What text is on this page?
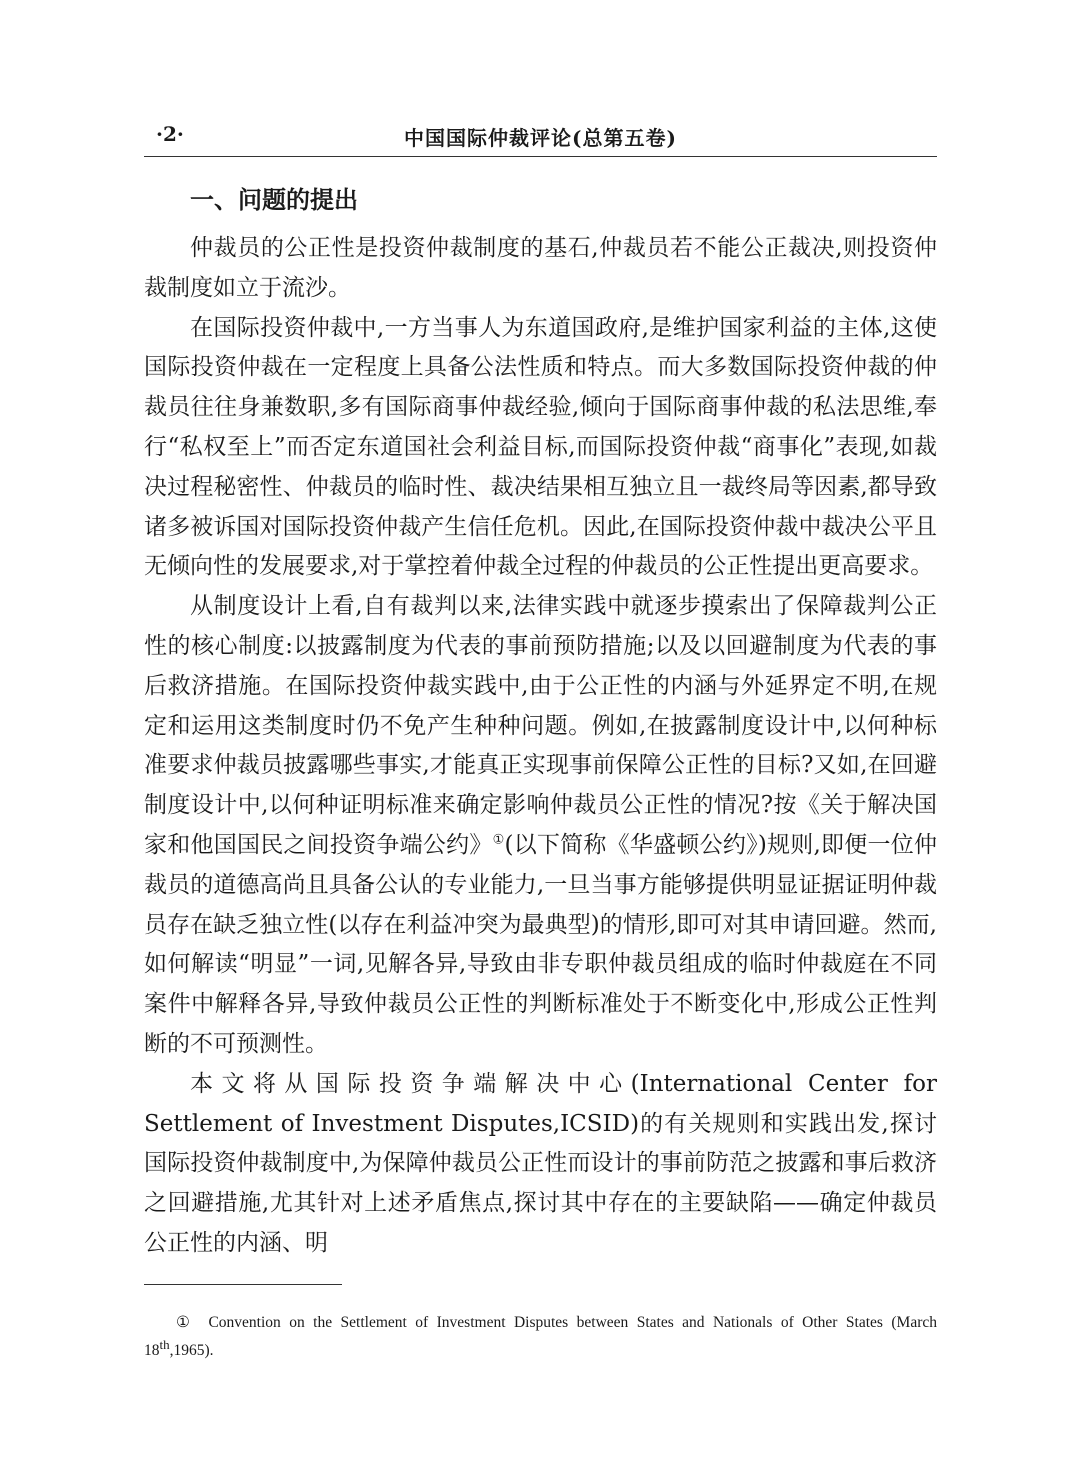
·2·	中国国际仲裁评论(总第五卷)
一、问题的提出

仲裁员的公正性是投资仲裁制度的基石,仲裁员若不能公正裁决,则投资仲裁制度如立于流沙。

在国际投资仲裁中,一方当事人为东道国政府,是维护国家利益的主体,这使国际投资仲裁在一定程度上具备公法性质和特点。而大多数国际投资仲裁的仲裁员往往身兼数职,多有国际商事仲裁经验,倾向于国际商事仲裁的私法思维,奉行“私权至上”而否定东道国社会利益目标,而国际投资仲裁“商事化”表现,如裁决过程秘密性、仲裁员的临时性、裁决结果相互独立且一裁终局等因素,都导致诸多被诉国对国际投资仲裁产生信任危机。因此,在国际投资仲裁中裁决公平且无倾向性的发展要求,对于掌控着仲裁全过程的仲裁员的公正性提出更高要求。

从制度设计上看,自有裁判以来,法律实践中就逐步摸索出了保障裁判公正性的核心制度:以披露制度为代表的事前预防措施;以及以回避制度为代表的事后救济措施。在国际投资仲裁实践中,由于公正性的内涵与外延界定不明,在规定和运用这类制度时仍不免产生种种问题。例如,在披露制度设计中,以何种标准要求仲裁员披露哪些事实,才能真正实现事前保障公正性的目标?又如,在回避制度设计中,以何种证明标准来确定影响仲裁员公正性的情况?按《关于解决国家和他国国民之间投资争端公约》①(以下简称《华盛顿公约》)规则,即便一位仲裁员的道德高尚且具备公认的专业能力,一旦当事方能够提供明显证据证明仲裁员存在缺乏独立性(以存在利益冲突为最典型)的情形,即可对其申请回避。然而,如何解读“明显”一词,见解各异,导致由非专职仲裁员组成的临时仲裁庭在不同案件中解释各异,导致仲裁员公正性的判断标准处于不断变化中,形成公正性判断的不可预测性。

本文将从国际投资争端解决中心(International Center for Settlement of Investment Disputes,ICSID)的有关规则和实践出发,探讨国际投资仲裁制度中,为保障仲裁员公正性而设计的事前防范之披露和事后救济之回避措施,尤其针对上述矛盾焦点,探讨其中存在的主要缺陷——确定仲裁员公正性的内涵、明

① Convention on the Settlement of Investment Disputes between States and Nationals of Other States (March 18th,1965).
